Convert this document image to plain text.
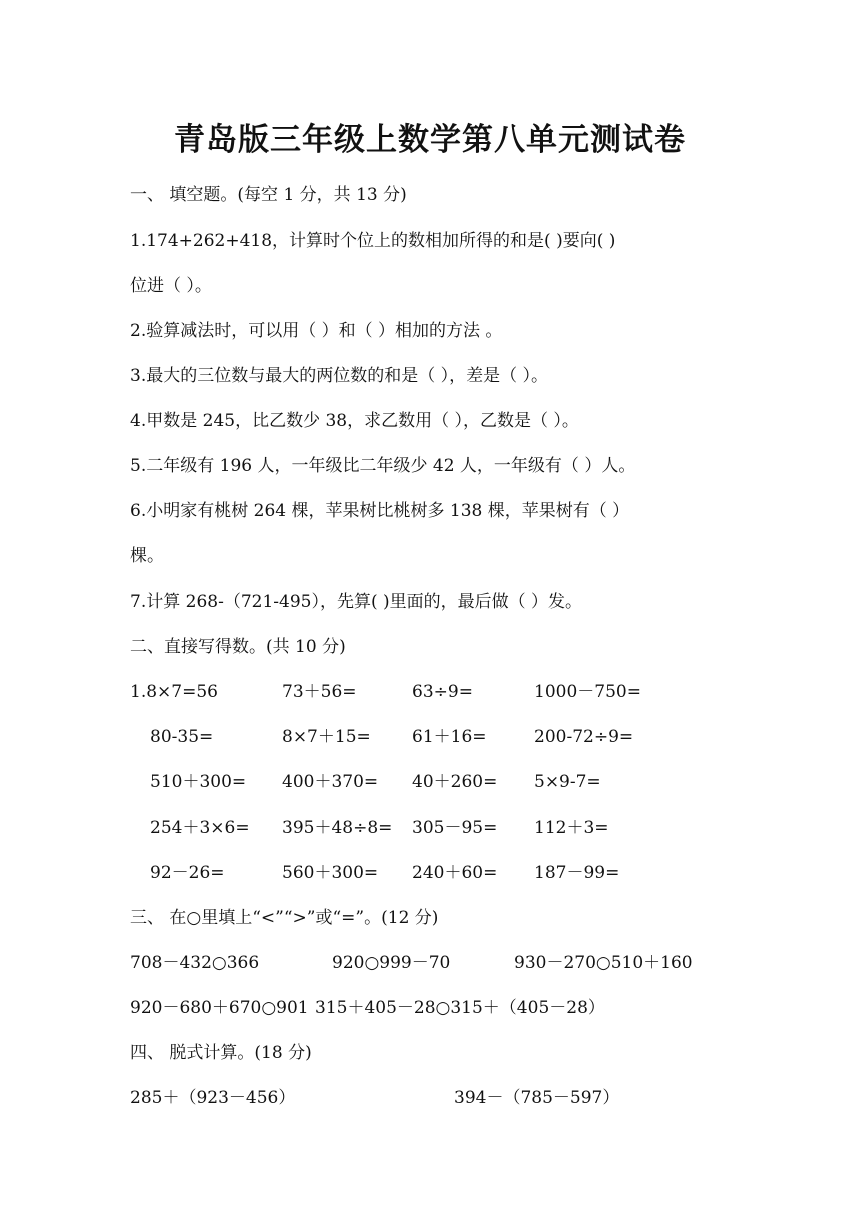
青岛版三年级上数学第八单元测试卷
一、 填空题。(每空 1 分，共 13 分)
1.174+262+418，计算时个位上的数相加所得的和是( )要向( )
位进（ ）。
2.验算减法时，可以用（ ）和（ ）相加的方法 。
3.最大的三位数与最大的两位数的和是（ ），差是（ ）。
4.甲数是 245，比乙数少 38，求乙数用（ ），乙数是（ ）。
5.二年级有 196 人，一年级比二年级少 42 人，一年级有（ ）人。
6.小明家有桃树 264 棵，苹果树比桃树多 138 棵，苹果树有（ ）
棵。
7.计算 268-（721-495），先算( )里面的，最后做（ ）发。
二、直接写得数。(共 10 分)
1.8×7=56	73＋56=	63÷9=	1000－750=
80-35=	8×7＋15= 61＋16=	200-72÷9=
510＋300= 400＋370= 40＋260= 5×9-7=
254＋3×6= 395＋48÷8= 305－95= 112＋3=
92－26=	560＋300= 240＋60= 187－99=
三、 在○里填上“<”“>”或“=”。(12 分)
708－432○366	920○999－70	930－270○510＋160
920－680＋670○901 315＋405－28○315＋（405－28）
四、 脱式计算。(18 分)
285＋（923－456）	394－（785－597）
